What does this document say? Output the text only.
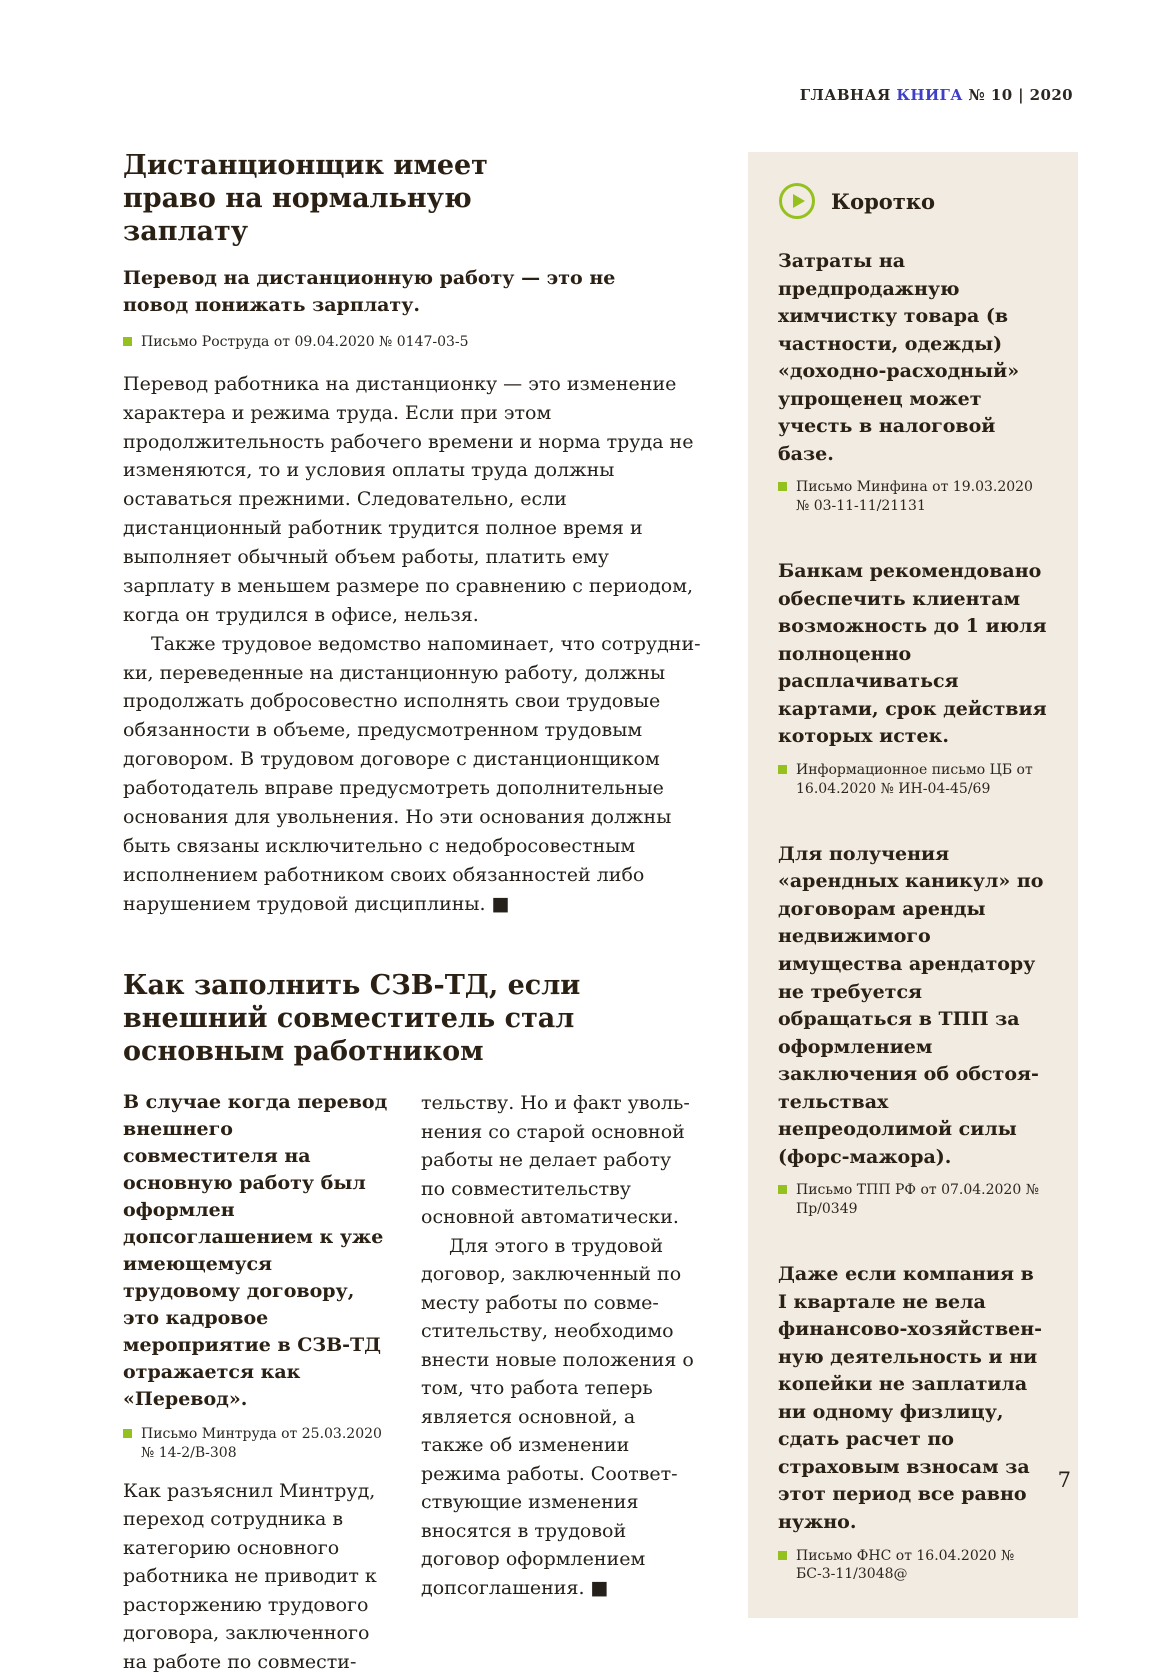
ГЛАВНАЯ КНИГА № 10 | 2020
Дистанционщик имеет право на нормальную заплату

Перевод на дистанционную работу — это не повод понижать зарплату.

Письмо Роструда от 09.04.2020 № 0147-03-5

Перевод работника на дистанционку — это изменение характера и режима труда. Если при этом продолжительность рабочего времени и норма труда не изменяются, то и условия оплаты труда должны оставаться прежними. Следовательно, если дистанционный работник трудится полное время и выполняет обычный объем работы, платить ему зарплату в меньшем размере по сравнению с периодом, когда он трудился в офисе, нельзя.

Также трудовое ведомство напоминает, что сотрудники, переведенные на дистанционную работу, должны продолжать добросовестно исполнять свои трудовые обязанности в объеме, предусмотренном трудовым договором. В трудовом договоре с дистанционщиком работодатель вправе предусмотреть дополнительные основания для увольнения. Но эти основания должны быть связаны исключительно с недобросовестным исполнением работником своих обязанностей либо нарушением трудовой дисциплины. ■

Как заполнить СЗВ-ТД, если внешний совместитель стал основным работником

В случае когда перевод внешнего совместителя на основную работу был оформлен допсоглашением к уже имеющемуся трудовому договору, это кадровое мероприятие в СЗВ-ТД отражается как «Перевод».

Письмо Минтруда от 25.03.2020 № 14-2/В-308

Как разъяснил Минтруд, переход сотрудника в категорию основного работника не приводит к расторжению трудового договора, заключенного на работе по совмести-

тельству. Но и факт увольнения со старой основной работы не делает работу по совместительству основной автоматически.

Для этого в трудовой договор, заключенный по месту работы по совместительству, необходимо внести новые положения о том, что работа теперь является основной, а также об изменении режима работы. Соответствующие изменения вносятся в трудовой договор оформлением допсоглашения. ■

Коротко

Затраты на предпродажную химчистку товара (в частности, одежды) «доходно-расходный» упрощенец может учесть в налоговой базе.

Письмо Минфина от 19.03.2020 № 03-11-11/21131

Банкам рекомендовано обеспечить клиентам возможность до 1 июля полноценно расплачиваться картами, срок действия которых истек.

Информационное письмо ЦБ от 16.04.2020 № ИН-04-45/69

Для получения «арендных каникул» по договорам аренды недвижимого имущества арендатору не требуется обращаться в ТПП за оформлением заключения об обстоятельствах непреодолимой силы (форс-мажора).

Письмо ТПП РФ от 07.04.2020 № Пр/0349

Даже если компания в I квартале не вела финансово-хозяйственную деятельность и ни копейки не заплатила ни одному физлицу, сдать расчет по страховым взносам за этот период все равно нужно.

Письмо ФНС от 16.04.2020 № БС-3-11/3048@
7
